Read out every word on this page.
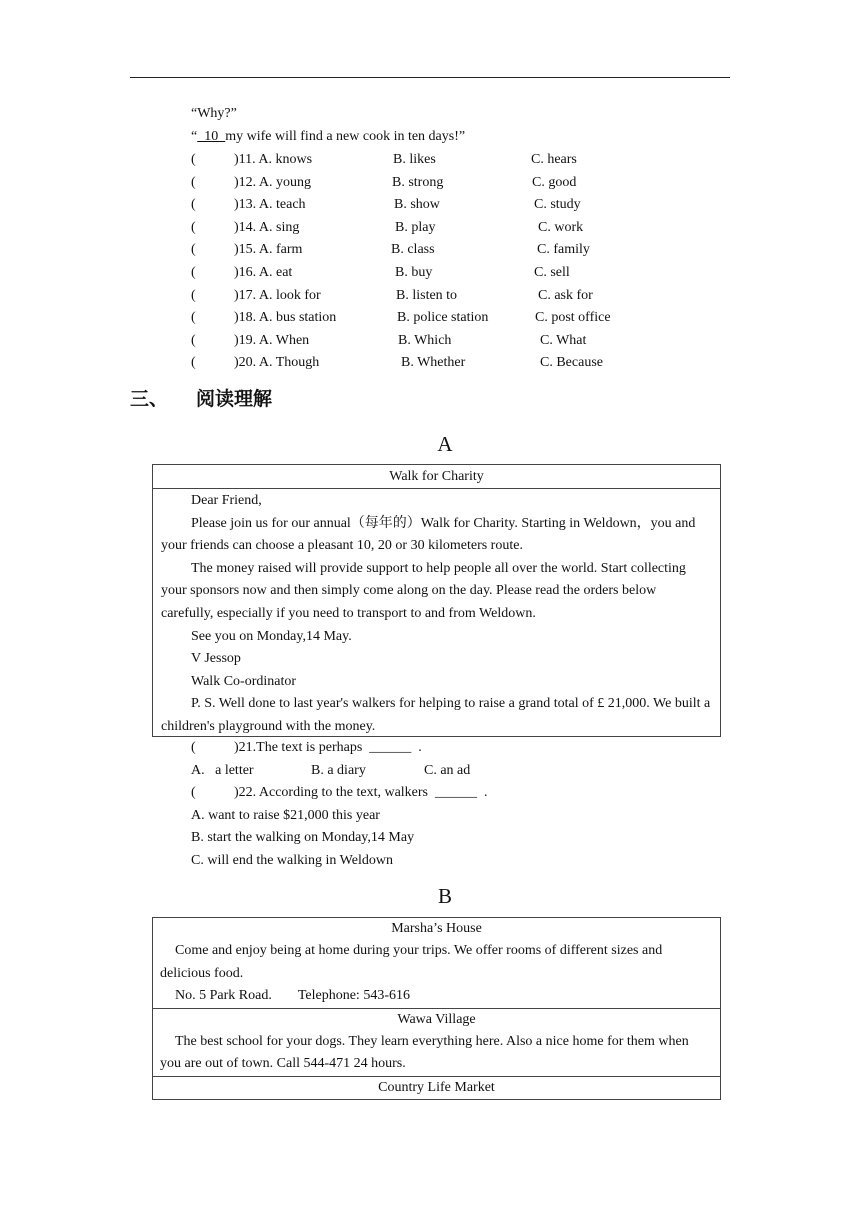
“Why?”
“  10  my wife will find a new cook in ten days!”
(	)11. A. knows	B. likes	C. hears
(	)12. A. young	B. strong	C. good
(	)13. A. teach	B. show	C. study
(	)14. A. sing	B. play	C. work
(	)15. A. farm	B. class	C. family
(	)16. A. eat	B. buy	C. sell
(	)17. A. look for	B. listen to	C. ask for
(	)18. A. bus station	B. police station	C. post office
(	)19. A. When	B. Which	C. What
(	)20. A. Though	B. Whether	C. Because
三、 阅读理解
A
Walk for Charity
Dear Friend,
Please join us for our annual（每年的）Walk for Charity. Starting in Weldown，you and your friends can choose a pleasant 10, 20 or 30 kilometers route.
The money raised will provide support to help people all over the world. Start collecting your sponsors now and then simply come along on the day. Please read the orders below carefully, especially if you need to transport to and from Weldown.
See you on Monday,14 May.
V Jessop
Walk Co-ordinator
P. S. Well done to last year's walkers for helping to raise a grand total of £ 21,000. We built a children's playground with the money.
(	)21.The text is perhaps  ______  .
A.   a letter	B. a diary	C. an ad
(	)22. According to the text, walkers  ______  .
A. want to raise $21,000 this year
B. start the walking on Monday,14 May
C. will end the walking in Weldown
B
Marsha’s House
Come and enjoy being at home during your trips. We offer rooms of different sizes and delicious food.
No. 5 Park Road. Telephone: 543-616
Wawa Village
The best school for your dogs. They learn everything here. Also a nice home for them when you are out of town. Call 544-471 24 hours.
Country Life Market
